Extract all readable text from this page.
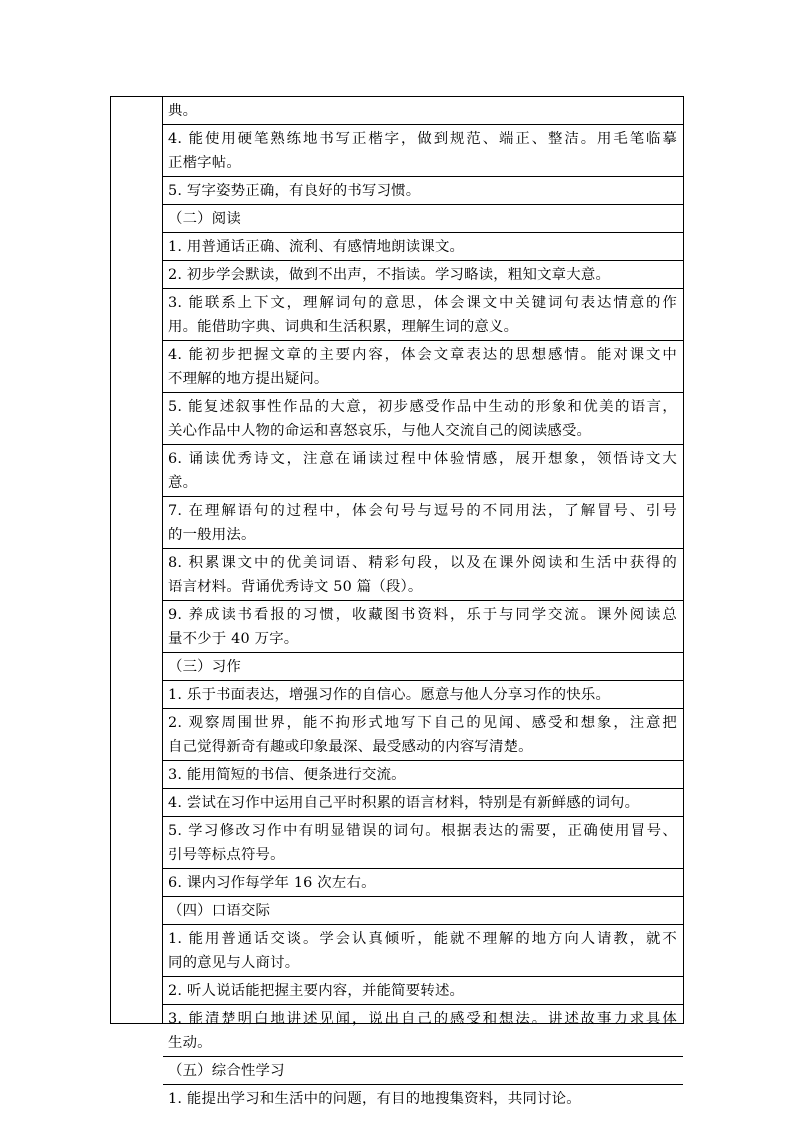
典。
4. 能使用硬笔熟练地书写正楷字，做到规范、端正、整洁。用毛笔临摹
正楷字帖。
5. 写字姿势正确，有良好的书写习惯。
（二）阅读
1. 用普通话正确、流利、有感情地朗读课文。
2. 初步学会默读，做到不出声，不指读。学习略读，粗知文章大意。
3. 能联系上下文，理解词句的意思，体会课文中关键词句表达情意的作
用。能借助字典、词典和生活积累，理解生词的意义。
4. 能初步把握文章的主要内容，体会文章表达的思想感情。能对课文中
不理解的地方提出疑问。
5. 能复述叙事性作品的大意，初步感受作品中生动的形象和优美的语言，
关心作品中人物的命运和喜怒哀乐，与他人交流自己的阅读感受。
6. 诵读优秀诗文，注意在诵读过程中体验情感，展开想象，领悟诗文大
意。
7. 在理解语句的过程中，体会句号与逗号的不同用法，了解冒号、引号
的一般用法。
8. 积累课文中的优美词语、精彩句段，以及在课外阅读和生活中获得的
语言材料。背诵优秀诗文 50 篇（段）。
9. 养成读书看报的习惯，收藏图书资料，乐于与同学交流。课外阅读总
量不少于 40 万字。
（三）习作
1. 乐于书面表达，增强习作的自信心。愿意与他人分享习作的快乐。
2. 观察周围世界，能不拘形式地写下自己的见闻、感受和想象，注意把
自己觉得新奇有趣或印象最深、最受感动的内容写清楚。
3. 能用简短的书信、便条进行交流。
4. 尝试在习作中运用自己平时积累的语言材料，特别是有新鲜感的词句。
5. 学习修改习作中有明显错误的词句。根据表达的需要，正确使用冒号、
引号等标点符号。
6. 课内习作每学年 16 次左右。
（四）口语交际
1. 能用普通话交谈。学会认真倾听，能就不理解的地方向人请教，就不
同的意见与人商讨。
2. 听人说话能把握主要内容，并能简要转述。
3. 能清楚明白地讲述见闻，说出自己的感受和想法。讲述故事力求具体
生动。
（五）综合性学习
1. 能提出学习和生活中的问题，有目的地搜集资料，共同讨论。
